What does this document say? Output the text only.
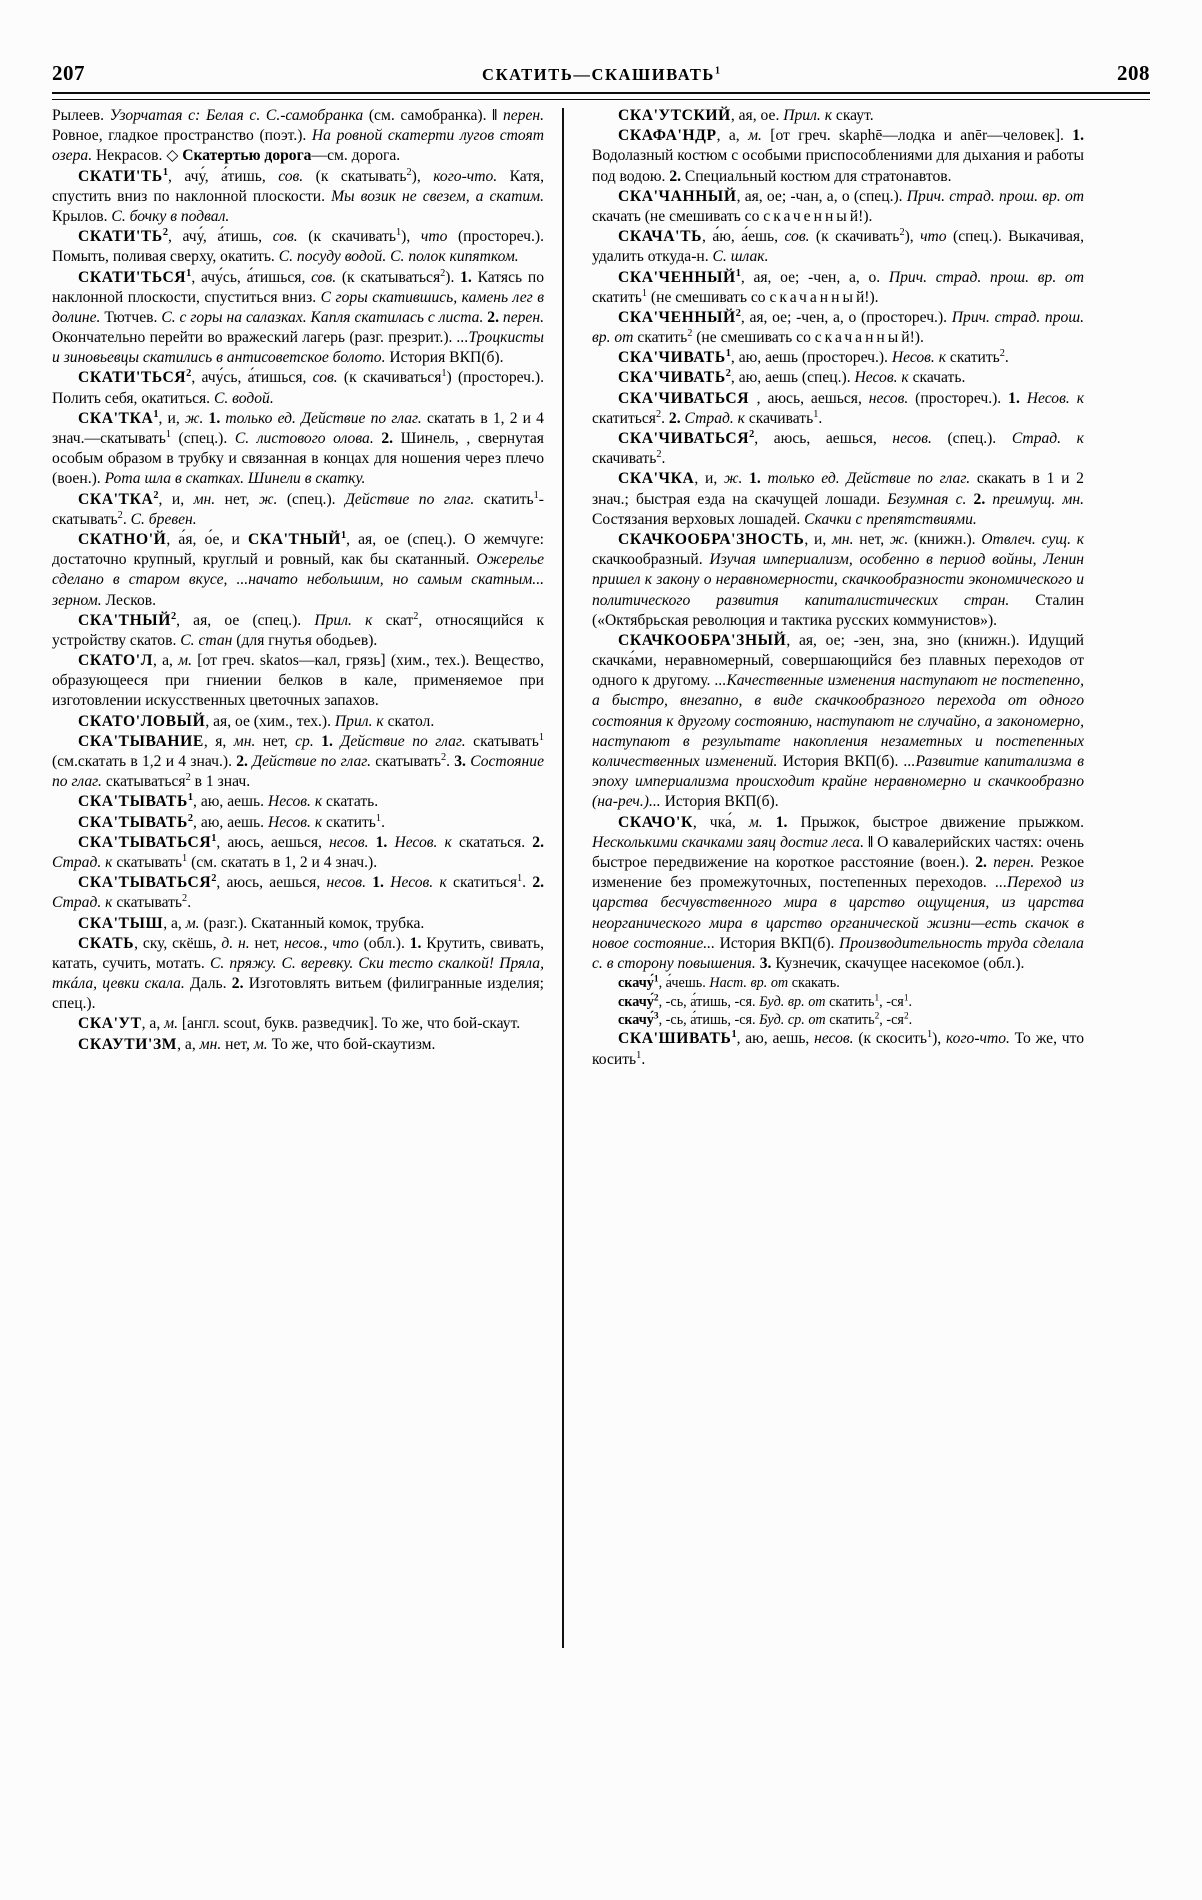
207	СКАТИТЬ—СКАШИВАТЬ$^1$	208

Рылеев. Узорчатая с: Белая с. С.-самобранка (см. самобранка). ‖ перен. Ровное, гладкое пространство (поэт.). На ровной скатерти лугов стоят озера. Некрасов. ◇ Скатертью дорога—см. дорога.

$СКАТИ'ТЬ^1$, ачу́, а́тишь, сов. (к скатывать$^2$), кого-что. Катя, спустить вниз по наклонной плоскости. Мы возик не свезем, а скатим. Крылов. С. бочку в подвал.

$СКАТИ'ТЬ^2$, ачу́, а́тишь, сов. (к скачивать$^1$), что (простореч.). Помыть, поливая сверху, окатить. С. посуду водой. С. полок кипятком.

СКАТИ'ТЬСЯ$^1$, ачу́сь, а́тишься, сов. (к скатываться$^2$). 1. Катясь по наклонной плоскости, спуститься вниз. С горы скатившись, камень лег в долине. Тютчев. С. с горы на салазках. Капля скатилась с листа. 2. перен. Окончательно перейти во вражеский лагерь (разг. презрит.). ...Троцкисты и зиновьевцы скатились в антисоветское болото. История ВКП(б).

СКАТИ'ТЬСЯ$^2$, ачу́сь, а́тишься, сов. (к скачиваться$^1$) (простореч.). Полить себя, окатиться. С. водой.

СКА'ТКА$^1$, и, ж. 1. только ед. Действие по глаг. скатать в 1, 2 и 4 знач.—скатывать$^1$ (спец.). С. листового олова. 2. Шинель, , свернутая особым образом в трубку и связанная в концах для ношения через плечо (воен.). Рота шла в скатках. Шинели в скатку.

СКА'ТКА$^2$, и, мн. нет, ж. (спец.). Действие по глаг. скатить$^1$-скатывать$^2$. С. бревен.

СКАТНО'Й, а́я, о́е, и СКА'ТНЫЙ$^1$, ая, ое (спец.). О жемчуге: достаточно крупный, круглый и ровный, как бы скатанный. Ожерелье сделано в старом вкусе, ...начато небольшим, но самым скатным... зерном. Лесков.

СКА'ТНЫЙ$^2$, ая, ое (спец.). Прил. к скат$^2$, относящийся к устройству скатов. С. стан (для гнутья ободьев).

СКАТО'Л, а, м. [от греч. skatos—кал, грязь] (хим., тех.). Вещество, образующееся при гниении белков в кале, применяемое при изготовлении искусственных цветочных запахов.

СКАТО'ЛОВЫЙ, ая, ое (хим., тех.). Прил. к скатол.

СКА'ТЫВАНИЕ, я, мн. нет, ср. 1. Действие по глаг. скатывать$^1$ (см.скатать в 1,2 и 4 знач.). 2. Действие по глаг. скатывать$^2$. 3. Состояние по глаг. скатываться$^2$ в 1 знач.

СКА'ТЫВАТЬ$^1$, аю, аешь. Несов. к скатать.

СКА'ТЫВАТЬ$^2$, аю, аешь. Несов. к скатить$^1$.

СКА'ТЫВАТЬСЯ$^1$, аюсь, аешься, несов. 1. Несов. к скататься. 2. Страд. к скатывать$^1$ (см. скатать в 1, 2 и 4 знач.).

СКА'ТЫВАТЬСЯ$^2$, аюсь, аешься, несов. 1. Несов. к скатиться$^1$. 2. Страд. к скатывать$^2$.

СКА'ТЫШ, а, м. (разг.). Скатанный комок, трубка.

СКАТЬ, ску, скёшь, д. н. нет, несов., что (обл.). 1. Крутить, свивать, катать, сучить, мотать. С. пряжу. С. веревку. Ски тесто скалкой! Пряла, ткáла, цевки скала. Даль. 2. Изготовлять витьем (филигранные изделия; спец.).

СКА'УТ, а, м. [англ. scout, букв. разведчик]. То же, что бой-скаут.

СКАУТИ'ЗМ, а, мн. нет, м. То же, что бой-скаутизм.

СКА'УТСКИЙ, ая, ое. Прил. к скаут.

СКАФА'НДР, а, м. [от греч. skaphē—лодка и anēr—человек]. 1. Водолазный костюм с особыми приспособлениями для дыхания и работы под водою. 2. Специальный костюм для стратонавтов.

СКА'ЧАННЫЙ, ая, ое; -чан, а, о (спец.). Прич. страд. прош. вр. от скачать (не смешивать со скаченный!).

СКАЧА'ТЬ, а́ю, а́ешь, сов. (к скачивать$^2$), что (спец.). Выкачивая, удалить откуда-н. С. шлак.

СКА'ЧЕННЫЙ$^1$, ая, ое; -чен, а, о. Прич. страд. прош. вр. от скатить$^1$ (не смешивать со скачанный!).

СКА'ЧЕННЫЙ$^2$, ая, ое; -чен, а, о (простореч.). Прич. страд. прош. вр. от скатить$^2$ (не смешивать со скачанный!).

СКА'ЧИВАТЬ$^1$, аю, аешь (простореч.). Несов. к скатить$^2$.

СКА'ЧИВАТЬ$^2$, аю, аешь (спец.). Несов. к скачать.

СКА'ЧИВАТЬСЯ , аюсь, аешься, несов. (простореч.). 1. Несов. к скатиться$^2$. 2. Страд. к скачивать$^1$.

СКА'ЧИВАТЬСЯ$^2$, аюсь, аешься, несов. (спец.). Страд. к скачивать$^2$.

СКА'ЧКА, и, ж. 1. только ед. Действие по глаг. скакать в 1 и 2 знач.; быстрая езда на скачущей лошади. Безумная с. 2. преимущ. мн. Состязания верховых лошадей. Скачки с препятствиями.

СКАЧКООБРА'ЗНОСТЬ, и, мн. нет, ж. (книжн.). Отвлеч. сущ. к скачкообразный. Изучая империализм, особенно в период войны, Ленин пришел к закону о неравномерности, скачкообразности экономического и политического развития капиталистических стран. Сталин («Октябрьская революция и тактика русских коммунистов»).

СКАЧКООБРА'ЗНЫЙ, ая, ое; -зен, зна, зно (книжн.). Идущий скачка́ми, неравномерный, совершающийся без плавных переходов от одного к другому. ...Качественные изменения наступают не постепенно, а быстро, внезапно, в виде скачкообразного перехода от одного состояния к другому состоянию, наступают не случайно, а закономерно, наступают в результате накопления незаметных и постепенных количественных изменений. История ВКП(б). ...Развитие капитализма в эпоху империализма происходит крайне неравномерно и скачкообразно (на-реч.)... История ВКП(б).

СКАЧО'К, чка́, м. 1. Прыжок, быстрое движение прыжком. Несколькими скачками заяц достиг леса. ‖ О кавалерийских частях: очень быстрое передвижение на короткое расстояние (воен.). 2. перен. Резкое изменение без промежуточных, постепенных переходов. ...Переход из царства бесчувственного мира в царство ощущения, из царства неорганического мира в царство органической жизни—есть скачок в новое состояние... История ВКП(б). Производительность труда сделала с. в сторону повышения. 3. Кузнечик, скачущее насекомое (обл.).

скачу́$^1$, а́чешь. Наст. вр. от скакать.

скачу́$^2$, -сь, а́тишь, -ся. Буд. вр. от скатить$^1$, $-ся^1$.

скачу́$^3$, -сь, а́тишь, -ся. Буд. ср. от скатить$^2$, $-ся^2$.

СКА'ШИВАТЬ$^1$, аю, аешь, несов. (к скосить$^1$), кого-что. То же, что косить$^1$.
